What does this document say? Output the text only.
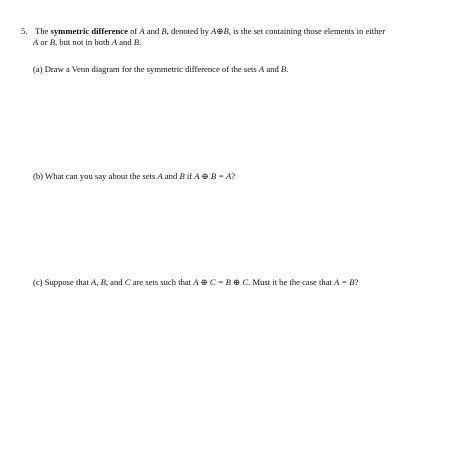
5. The symmetric difference of A and B, denoted by A⊕B, is the set containing those elements in either
A or B, but not in both A and B.
(a) Draw a Venn diagram for the symmetric difference of the sets A and B.
(b) What can you say about the sets A and B if A ⊕ B = A?
(c) Suppose that A, B, and C are sets such that A ⊕ C = B ⊕ C. Must it be the case that A = B?
